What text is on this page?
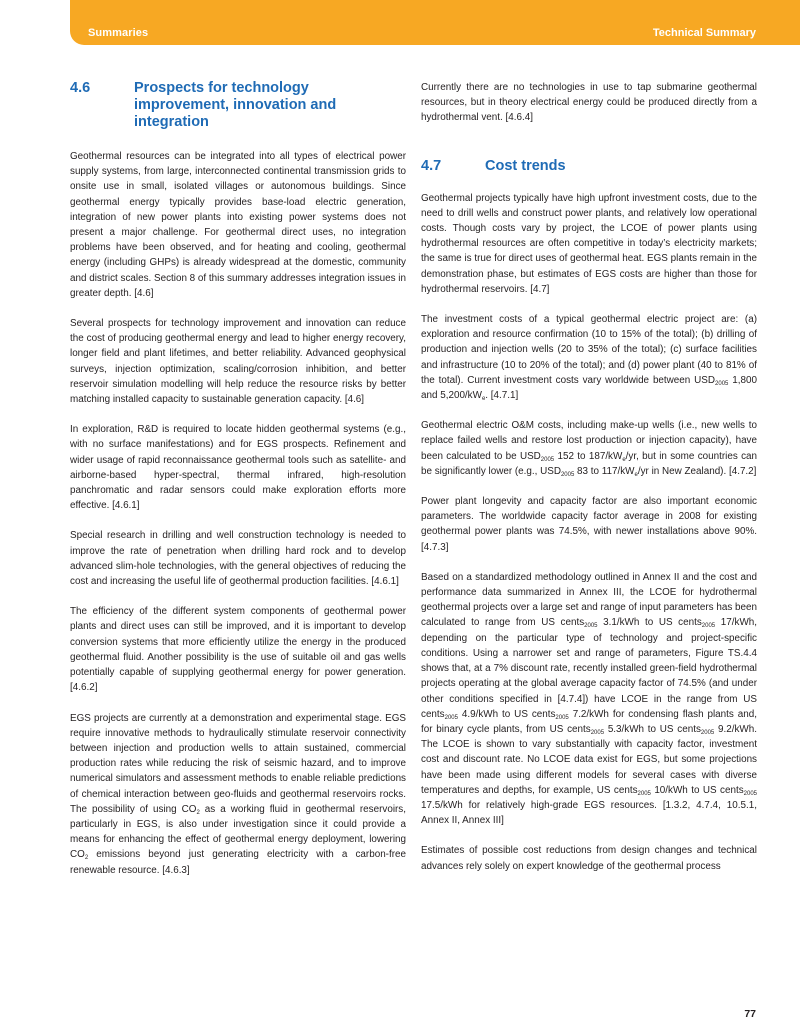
Summaries	Technical Summary
4.6	Prospects for technology improvement, innovation and integration

Geothermal resources can be integrated into all types of electrical power supply systems, from large, interconnected continental transmission grids to onsite use in small, isolated villages or autonomous buildings. Since geothermal energy typically provides base-load electric generation, integration of new power plants into existing power systems does not present a major challenge. For geothermal direct uses, no integration problems have been observed, and for heating and cooling, geothermal energy (including GHPs) is already widespread at the domestic, community and district scales. Section 8 of this summary addresses integration issues in greater depth. [4.6]

Several prospects for technology improvement and innovation can reduce the cost of producing geothermal energy and lead to higher energy recovery, longer field and plant lifetimes, and better reliability. Advanced geophysical surveys, injection optimization, scaling/corrosion inhibition, and better reservoir simulation modelling will help reduce the resource risks by better matching installed capacity to sustainable generation capacity. [4.6]

In exploration, R&D is required to locate hidden geothermal systems (e.g., with no surface manifestations) and for EGS prospects. Refinement and wider usage of rapid reconnaissance geothermal tools such as satellite- and airborne-based hyper-spectral, thermal infrared, high-resolution panchromatic and radar sensors could make exploration efforts more effective. [4.6.1]

Special research in drilling and well construction technology is needed to improve the rate of penetration when drilling hard rock and to develop advanced slim-hole technologies, with the general objectives of reducing the cost and increasing the useful life of geothermal production facilities. [4.6.1]

The efficiency of the different system components of geothermal power plants and direct uses can still be improved, and it is important to develop conversion systems that more efficiently utilize the energy in the produced geothermal fluid. Another possibility is the use of suitable oil and gas wells potentially capable of supplying geothermal energy for power generation. [4.6.2]

EGS projects are currently at a demonstration and experimental stage. EGS require innovative methods to hydraulically stimulate reservoir connectivity between injection and production wells to attain sustained, commercial production rates while reducing the risk of seismic hazard, and to improve numerical simulators and assessment methods to enable reliable predictions of chemical interaction between geo-fluids and geothermal reservoirs rocks. The possibility of using $CO_2$ as a working fluid in geothermal reservoirs, particularly in EGS, is also under investigation since it could provide a means for enhancing the effect of geothermal energy deployment, lowering $CO_2$ emissions beyond just generating electricity with a carbon-free renewable resource. [4.6.3]

Currently there are no technologies in use to tap submarine geothermal resources, but in theory electrical energy could be produced directly from a hydrothermal vent. [4.6.4]

4.7	Cost trends

Geothermal projects typically have high upfront investment costs, due to the need to drill wells and construct power plants, and relatively low operational costs. Though costs vary by project, the LCOE of power plants using hydrothermal resources are often competitive in today’s electricity markets; the same is true for direct uses of geothermal heat. EGS plants remain in the demonstration phase, but estimates of EGS costs are higher than those for hydrothermal reservoirs. [4.7]

The investment costs of a typical geothermal electric project are: (a) exploration and resource confirmation (10 to 15% of the total); (b) drilling of production and injection wells (20 to 35% of the total); (c) surface facilities and infrastructure (10 to 20% of the total); and (d) power plant (40 to 81% of the total). Current investment costs vary worldwide between $USD_{2005}$ 1,800 and $5,200/kW_e$. [4.7.1]

Geothermal electric O&M costs, including make-up wells (i.e., new wells to replace failed wells and restore lost production or injection capacity), have been calculated to be $USD_{2005}$ 152 to $187/kW_e/yr$, but in some countries can be significantly lower (e.g., $USD_{2005}$ 83 to $117/kW_e/yr$ in New Zealand). [4.7.2]

Power plant longevity and capacity factor are also important economic parameters. The worldwide capacity factor average in 2008 for existing geothermal power plants was 74.5%, with newer installations above 90%. [4.7.3]

Based on a standardized methodology outlined in Annex II and the cost and performance data summarized in Annex III, the LCOE for hydrothermal geothermal projects over a large set and range of input parameters has been calculated to range from US cents$_{2005}$ 3.1/kWh to US cents$_{2005}$ 17/kWh, depending on the particular type of technology and project-specific conditions. Using a narrower set and range of parameters, Figure TS.4.4 shows that, at a 7% discount rate, recently installed green-field hydrothermal projects operating at the global average capacity factor of 74.5% (and under other conditions specified in [4.7.4]) have LCOE in the range from US cents$_{2005}$ 4.9/kWh to US cents$_{2005}$ 7.2/kWh for condensing flash plants and, for binary cycle plants, from US cents$_{2005}$ 5.3/kWh to US cents$_{2005}$ 9.2/kWh. The LCOE is shown to vary substantially with capacity factor, investment cost and discount rate. No LCOE data exist for EGS, but some projections have been made using different models for several cases with diverse temperatures and depths, for example, US cents$_{2005}$ 10/kWh to US cents$_{2005}$ 17.5/kWh for relatively high-grade EGS resources. [1.3.2, 4.7.4, 10.5.1, Annex II, Annex III]

Estimates of possible cost reductions from design changes and technical advances rely solely on expert knowledge of the geothermal process

77
